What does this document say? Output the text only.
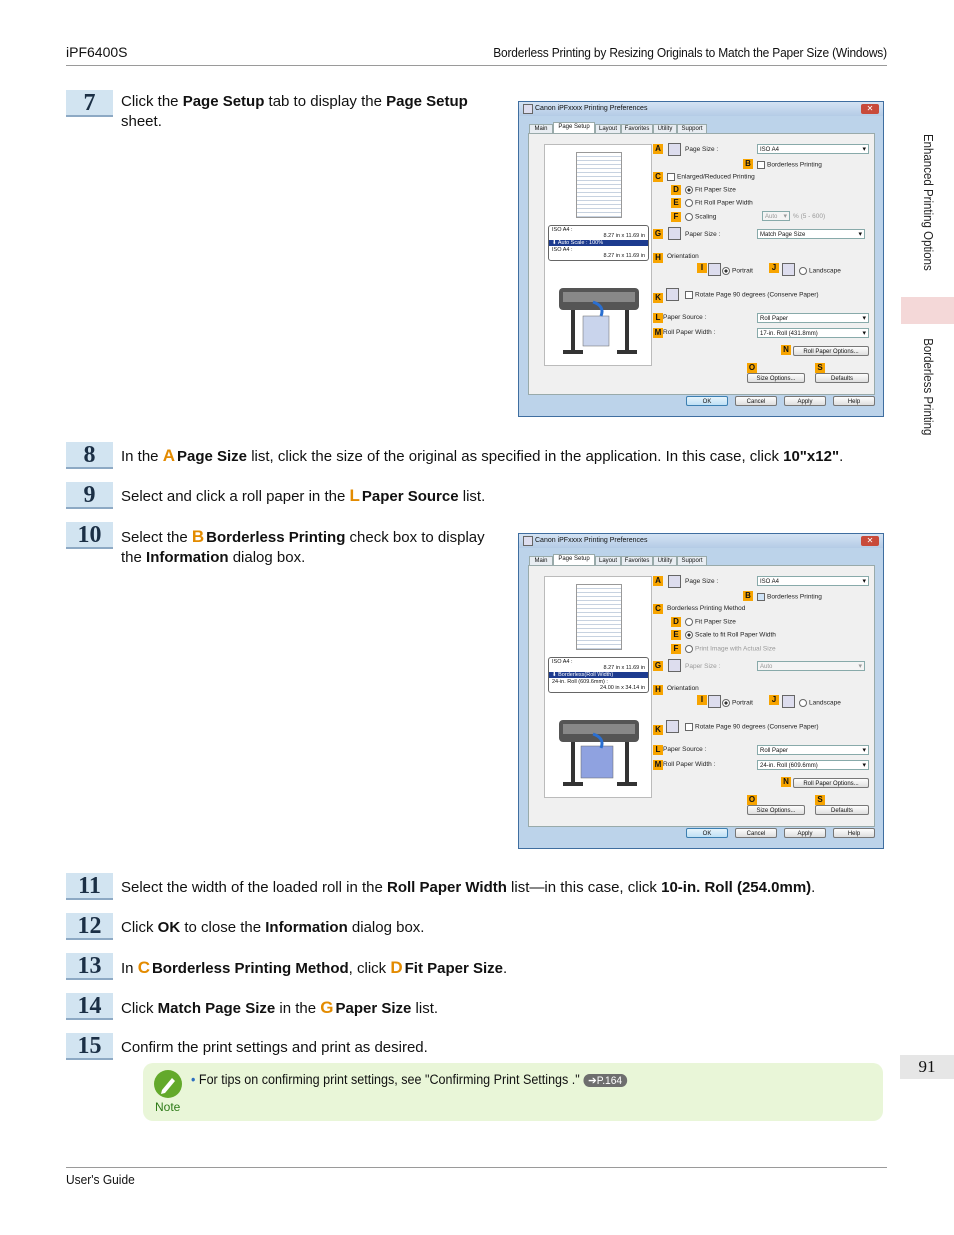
iPF6400S	Borderless Printing by Resizing Originals to Match the Paper Size (Windows)
Enhanced Printing Options
Borderless Printing
91
7	Click the Page Setup tab to display the Page Setup sheet.
Canon iPFxxxx Printing Preferences	✕
Main	Page Setup	Layout	Favorites	Utility	Support
ISO A4 :

8.27 in x 11.69 in

⬇ Auto Scale : 100%
ISO A4 :

8.27 in x 11.69 in

A	Page Size :	ISO A4 ▾
B	Borderless Printing
C	Enlarged/Reduced Printing
D	Fit Paper Size
E	Fit Roll Paper Width
F	Scaling	Auto ▾	% (5 - 600)
G	Paper Size :	Match Page Size ▾
H Orientation
I	Portrait	J	Landscape
K	Rotate Page 90 degrees (Conserve Paper)
L Paper Source :	Roll Paper ▾
M Roll Paper Width :	17-in. Roll (431.8mm) ▾
N	Roll Paper Options...
O	S
Size Options...	Defaults
OK	Cancel	Apply	Help
8	In the A Page Size list, click the size of the original as specified in the application. In this case, click 10"x12".
9	Select and click a roll paper in the L Paper Source list.
10	Select the B Borderless Printing check box to display the Information dialog box.
Canon iPFxxxx Printing Preferences	✕
Main	Page Setup	Layout	Favorites	Utility	Support
ISO A4 :

8.27 in x 11.69 in

⬇ Borderless(Roll Width)
24-in. Roll (609.6mm) :

24.00 in x 34.14 in

A	Page Size :	ISO A4 ▾
B	Borderless Printing
C Borderless Printing Method
D	Fit Paper Size
E	Scale to fit Roll Paper Width
F	Print Image with Actual Size
G	Paper Size :	Auto ▾
H Orientation
I	Portrait	J	Landscape
K	Rotate Page 90 degrees (Conserve Paper)
L Paper Source :	Roll Paper ▾
M Roll Paper Width :	24-in. Roll (609.6mm) ▾
N	Roll Paper Options...
O	S
Size Options...	Defaults
OK	Cancel	Apply	Help
11	Select the width of the loaded roll in the Roll Paper Width list—in this case, click 10-in. Roll (254.0mm).
12	Click OK to close the Information dialog box.
13	In C Borderless Printing Method, click D Fit Paper Size.
14	Click Match Page Size in the G Paper Size list.
15	Confirm the print settings and print as desired.
Note
• For tips on confirming print settings, see "Confirming Print Settings ." ➔P.164
User's Guide
